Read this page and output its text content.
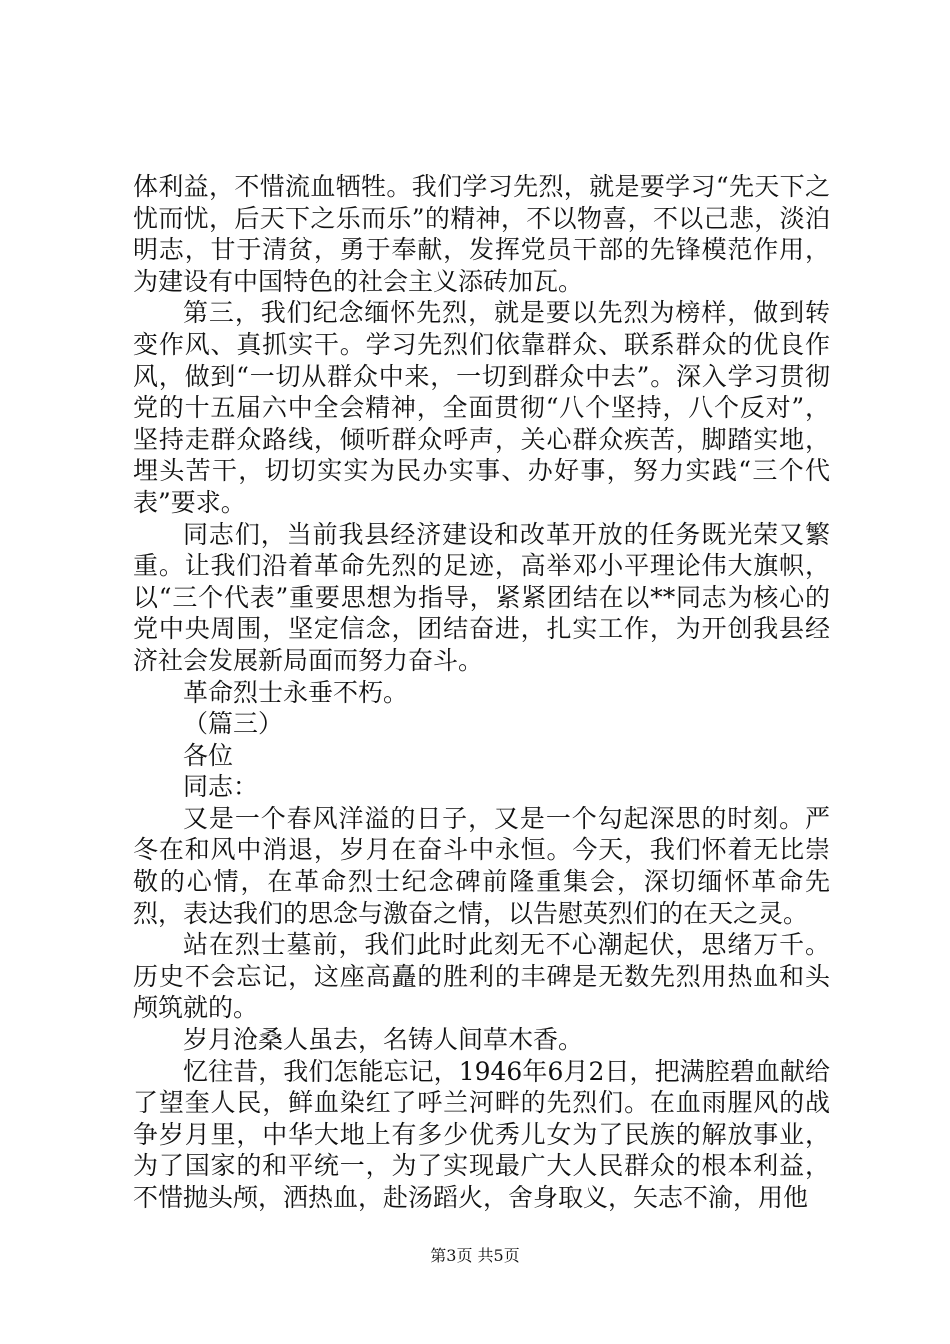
体利益，不惜流血牺牲。我们学习先烈，就是要学习“先天下之忧而忧，后天下之乐而乐”的精神，不以物喜，不以己悲，淡泊明志，甘于清贫，勇于奉献，发挥党员干部的先锋模范作用，为建设有中国特色的社会主义添砖加瓦。

第三，我们纪念缅怀先烈，就是要以先烈为榜样，做到转变作风、真抓实干。学习先烈们依靠群众、联系群众的优良作风，做到“一切从群众中来，一切到群众中去”。深入学习贯彻党的十五届六中全会精神，全面贯彻“八个坚持，八个反对”，坚持走群众路线，倾听群众呼声，关心群众疾苦，脚踏实地，埋头苦干，切切实实为民办实事、办好事，努力实践“三个代表”要求。

同志们，当前我县经济建设和改革开放的任务既光荣又繁重。让我们沿着革命先烈的足迹，高举邓小平理论伟大旗帜，以“三个代表”重要思想为指导，紧紧团结在以**同志为核心的党中央周围，坚定信念，团结奋进，扎实工作，为开创我县经济社会发展新局面而努力奋斗。

革命烈士永垂不朽。

（篇三）

各位

同志：

又是一个春风洋溢的日子，又是一个勾起深思的时刻。严冬在和风中消退，岁月在奋斗中永恒。今天，我们怀着无比崇敬的心情，在革命烈士纪念碑前隆重集会，深切缅怀革命先烈，表达我们的思念与激奋之情，以告慰英烈们的在天之灵。

站在烈士墓前，我们此时此刻无不心潮起伏，思绪万千。历史不会忘记，这座高矗的胜利的丰碑是无数先烈用热血和头颅筑就的。

岁月沧桑人虽去，名铸人间草木香。

忆往昔，我们怎能忘记，1946年6月2日，把满腔碧血献给了望奎人民，鲜血染红了呼兰河畔的先烈们。在血雨腥风的战争岁月里，中华大地上有多少优秀儿女为了民族的解放事业，为了国家的和平统一，为了实现最广大人民群众的根本利益，不惜抛头颅，洒热血，赴汤蹈火，舍身取义，矢志不渝，用他

第3页 共5页
